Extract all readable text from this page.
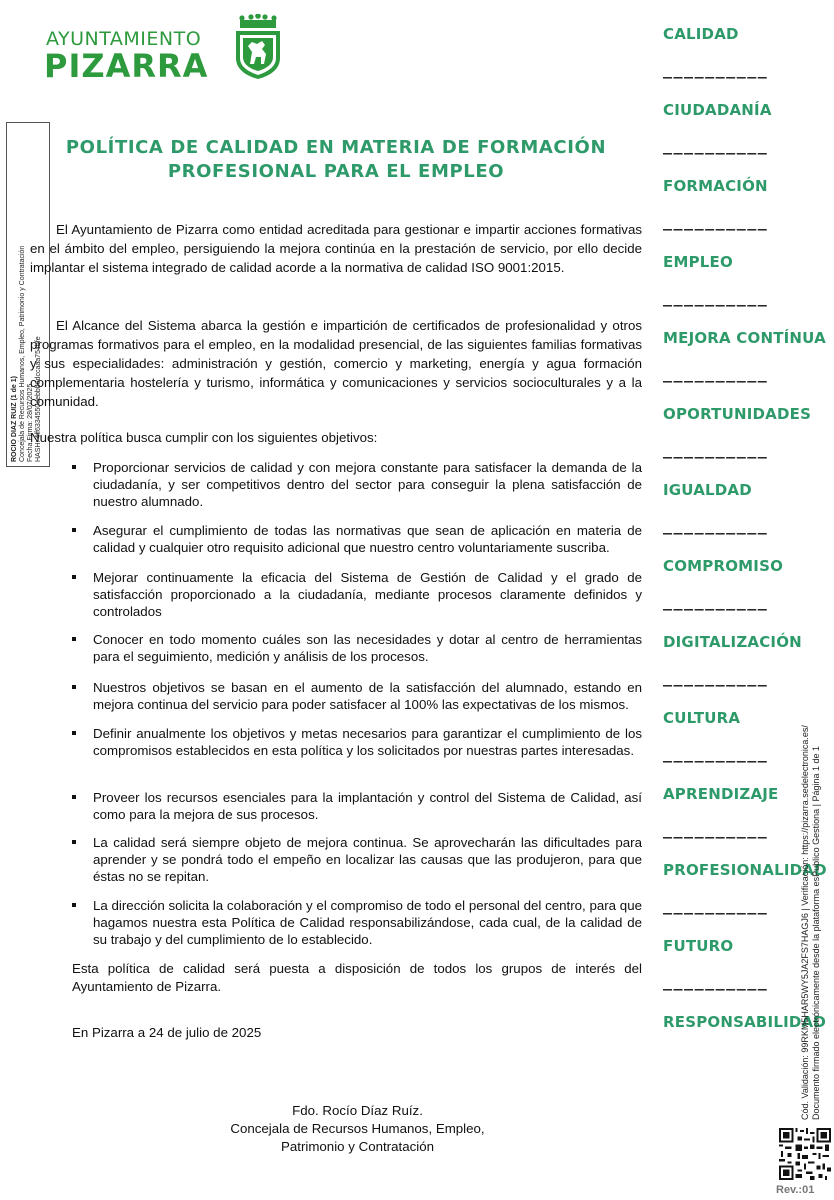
AYUNTAMIENTO
PIZARRA
ROCIO DIAZ RUIZ (1 de 1) Concejala de Recursos Humanos, Empleo, Patrimonio y Contratación Fecha Firma: 28/07/2025 HASH: 4ff6334550eebbb6dccaaa754bfe
POLÍTICA DE CALIDAD EN MATERIA DE FORMACIÓN
PROFESIONAL PARA EL EMPLEO
El Ayuntamiento de Pizarra como entidad acreditada para gestionar e impartir acciones formativas en el ámbito del empleo, persiguiendo la mejora continúa en la prestación de servicio, por ello decide implantar el sistema integrado de calidad acorde a la normativa de calidad ISO 9001:2015.
El Alcance del Sistema abarca la gestión e impartición de certificados de profesionalidad y otros programas formativos para el empleo, en la modalidad presencial, de las siguientes familias formativas y sus especialidades: administración y gestión, comercio y marketing, energía y agua formación complementaria hostelería y turismo, informática y comunicaciones y servicios socioculturales y a la comunidad.
Nuestra política busca cumplir con los siguientes objetivos:
Proporcionar servicios de calidad y con mejora constante para satisfacer la demanda de la ciudadanía, y ser competitivos dentro del sector para conseguir la plena satisfacción de nuestro alumnado.
Asegurar el cumplimiento de todas las normativas que sean de aplicación en materia de calidad y cualquier otro requisito adicional que nuestro centro voluntariamente suscriba.
Mejorar continuamente la eficacia del Sistema de Gestión de Calidad y el grado de satisfacción proporcionado a la ciudadanía, mediante procesos claramente definidos y controlados
Conocer en todo momento cuáles son las necesidades y dotar al centro de herramientas para el seguimiento, medición y análisis de los procesos.
Nuestros objetivos se basan en el aumento de la satisfacción del alumnado, estando en mejora continua del servicio para poder satisfacer al 100% las expectativas de los mismos.
Definir anualmente los objetivos y metas necesarios para garantizar el cumplimiento de los compromisos establecidos en esta política y los solicitados por nuestras partes interesadas.
Proveer los recursos esenciales para la implantación y control del Sistema de Calidad, así como para la mejora de sus procesos.
La calidad será siempre objeto de mejora continua. Se aprovecharán las dificultades para aprender y se pondrá todo el empeño en localizar las causas que las produjeron, para que éstas no se repitan.
La dirección solicita la colaboración y el compromiso de todo el personal del centro, para que hagamos nuestra esta Política de Calidad responsabilizándose, cada cual, de la calidad de su trabajo y del cumplimiento de lo establecido.
Esta política de calidad será puesta a disposición de todos los grupos de interés del Ayuntamiento de Pizarra.
En Pizarra a 24 de julio de 2025
Fdo. Rocío Díaz Ruíz.
Concejala de Recursos Humanos, Empleo,
Patrimonio y Contratación
CALIDAD
__________
CIUDADANÍA
__________
FORMACIÓN
__________
EMPLEO
__________
MEJORA CONTÍNUA
__________
OPORTUNIDADES
__________
IGUALDAD
__________
COMPROMISO
__________
DIGITALIZACIÓN
__________
CULTURA
__________
APRENDIZAJE
__________
PROFESIONALIDAD
__________
FUTURO
__________
RESPONSABILIDAD
Cód. Validación: 99RKM5HAR5WY5JA2FS7HAGJ6 | Verificación: https://pizarra.sedelectronica.es/ Documento firmado electrónicamente desde la plataforma esPublico Gestiona | Página 1 de 1
Rev.:01
